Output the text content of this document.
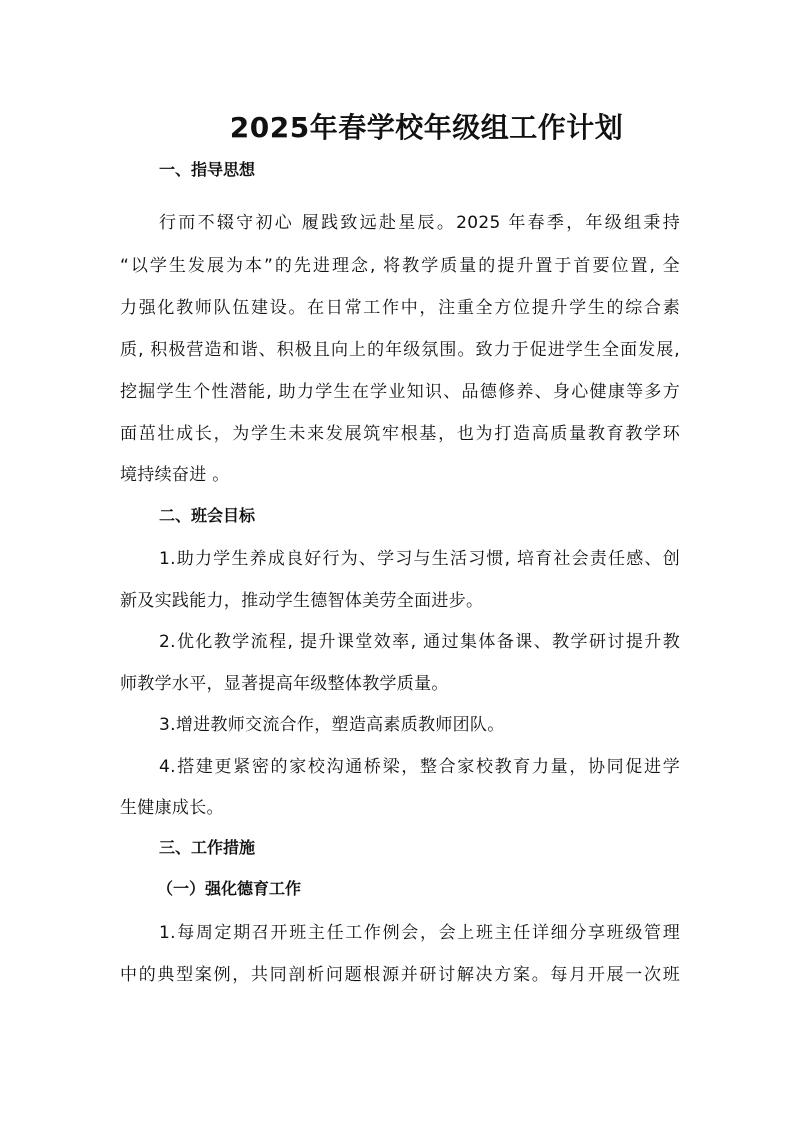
2025年春学校年级组工作计划
一、指导思想
行而不辍守初心 履践致远赴星辰。2025 年春季，年级组秉持
“以学生发展为本”的先进理念, 将教学质量的提升置于首要位置, 全
力强化教师队伍建设。在日常工作中，注重全方位提升学生的综合素
质, 积极营造和谐、积极且向上的年级氛围。致力于促进学生全面发展,
挖掘学生个性潜能, 助力学生在学业知识、品德修养、身心健康等多方
面茁壮成长，为学生未来发展筑牢根基，也为打造高质量教育教学环
境持续奋进 。
二、班会目标
1.助力学生养成良好行为、学习与生活习惯, 培育社会责任感、创
新及实践能力，推动学生德智体美劳全面进步。
2.优化教学流程, 提升课堂效率, 通过集体备课、教学研讨提升教
师教学水平，显著提高年级整体教学质量。
3.增进教师交流合作，塑造高素质教师团队。
4.搭建更紧密的家校沟通桥梁，整合家校教育力量，协同促进学
生健康成长。
三、工作措施
（一）强化德育工作
1.每周定期召开班主任工作例会，会上班主任详细分享班级管理
中的典型案例，共同剖析问题根源并研讨解决方案。每月开展一次班
